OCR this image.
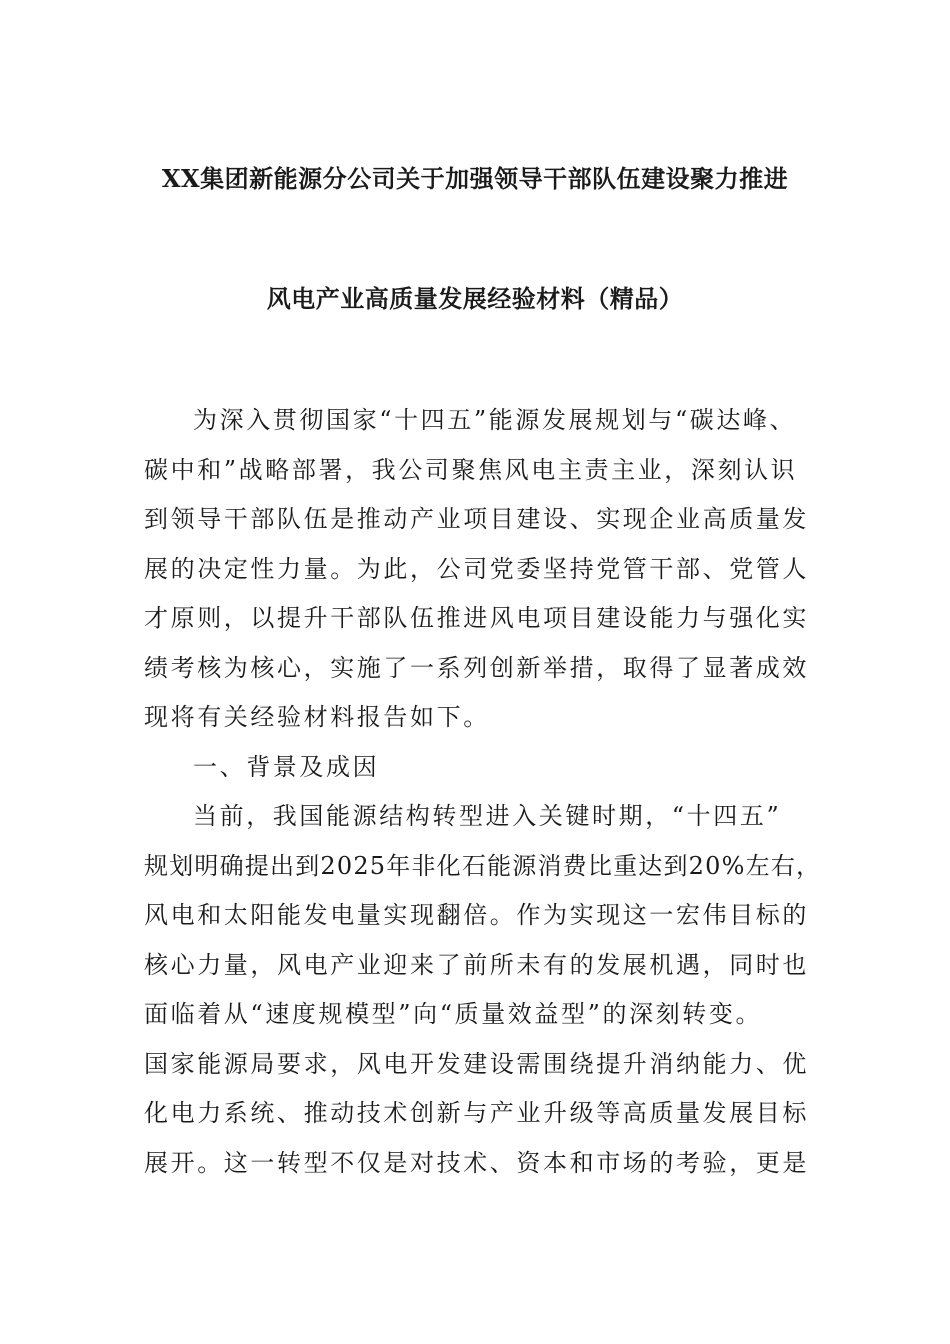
XX集团新能源分公司关于加强领导干部队伍建设聚力推进
风电产业高质量发展经验材料（精品）
为深入贯彻国家“十四五”能源发展规划与“碳达峰、
碳中和”战略部署，我公司聚焦风电主责主业，深刻认识
到领导干部队伍是推动产业项目建设、实现企业高质量发
展的决定性力量。为此，公司党委坚持党管干部、党管人
才原则，以提升干部队伍推进风电项目建设能力与强化实
绩考核为核心，实施了一系列创新举措，取得了显著成效
现将有关经验材料报告如下。
一、背景及成因
当前，我国能源结构转型进入关键时期，“十四五”
规划明确提出到2025年非化石能源消费比重达到20%左右，
风电和太阳能发电量实现翻倍。作为实现这一宏伟目标的
核心力量，风电产业迎来了前所未有的发展机遇，同时也
面临着从“速度规模型”向“质量效益型”的深刻转变。
国家能源局要求，风电开发建设需围绕提升消纳能力、优
化电力系统、推动技术创新与产业升级等高质量发展目标
展开。这一转型不仅是对技术、资本和市场的考验，更是
